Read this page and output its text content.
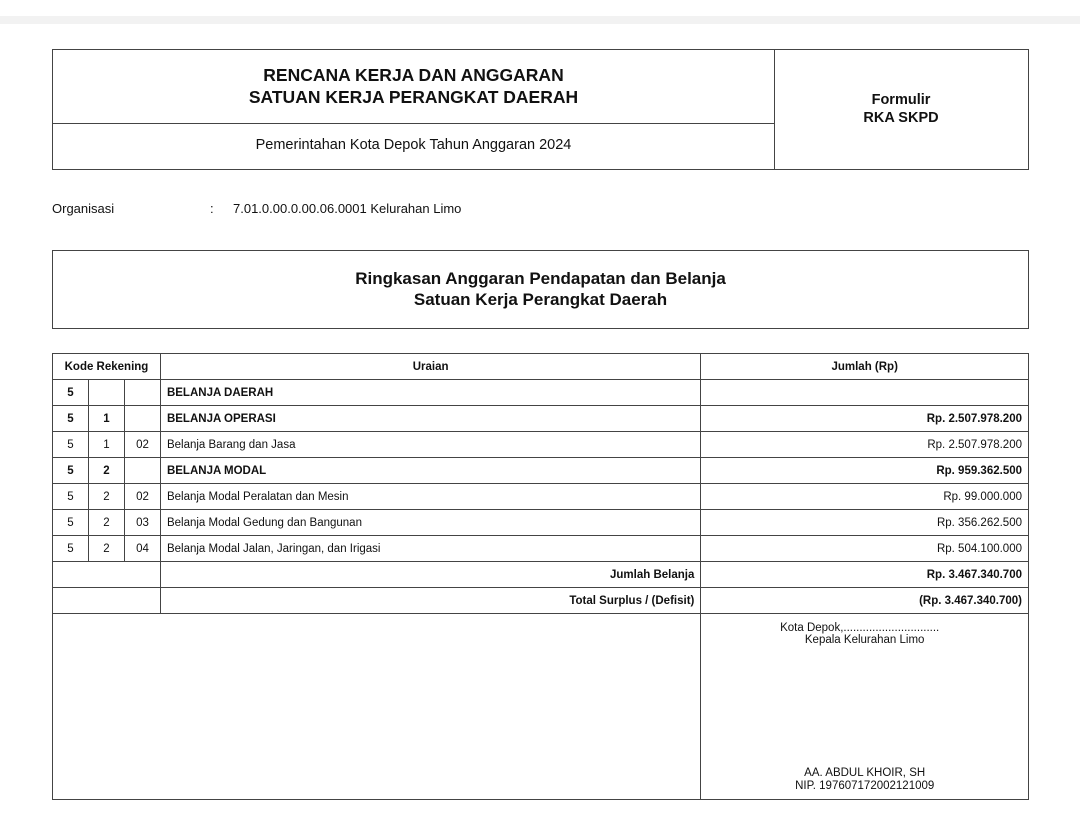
RENCANA KERJA DAN ANGGARAN
SATUAN KERJA PERANGKAT DAERAH
Pemerintahan Kota Depok Tahun Anggaran 2024
Formulir
RKA SKPD
Organisasi	: 7.01.0.00.0.00.06.0001 Kelurahan Limo
Ringkasan Anggaran Pendapatan dan Belanja
Satuan Kerja Perangkat Daerah
Kode Rekening			Uraian	Jumlah (Rp)
5			BELANJA DAERAH	
5	1		BELANJA OPERASI	Rp. 2.507.978.200
5	1	02	Belanja Barang dan Jasa	Rp. 2.507.978.200
5	2		BELANJA MODAL	Rp. 959.362.500
5	2	02	Belanja Modal Peralatan dan Mesin	Rp. 99.000.000
5	2	03	Belanja Modal Gedung dan Bangunan	Rp. 356.262.500
5	2	04	Belanja Modal Jalan, Jaringan, dan Irigasi	Rp. 504.100.000
			Jumlah Belanja	Rp. 3.467.340.700
			Total Surplus / (Defisit)	(Rp. 3.467.340.700)

				Kota Depok,..............................
Kepala Kelurahan Limo
AA. ABDUL KHOIR, SH
NIP. 197607172002121009
